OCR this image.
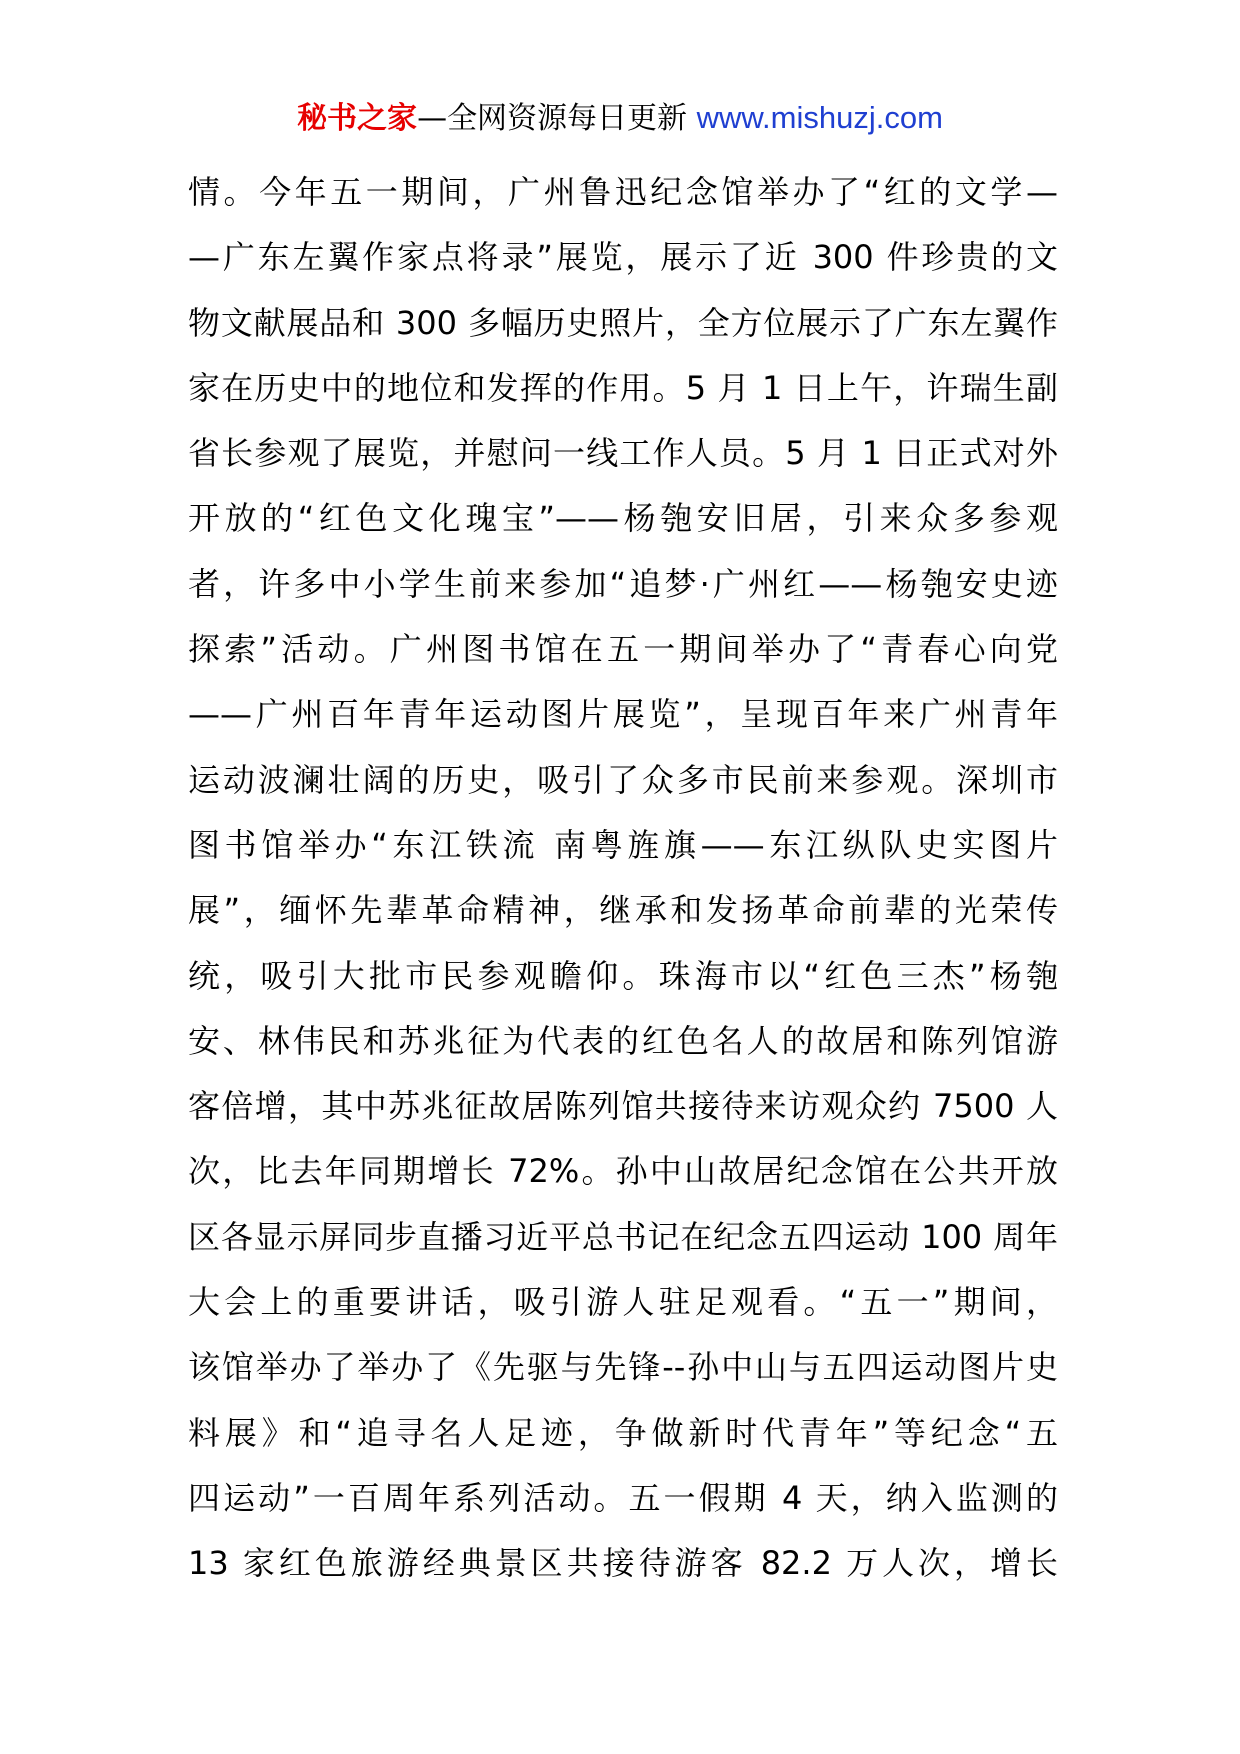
秘书之家—全网资源每日更新 www.mishuzj.com
情。今年五一期间，广州鲁迅纪念馆举办了“红的文学—
—广东左翼作家点将录”展览，展示了近 300 件珍贵的文
物文献展品和 300 多幅历史照片，全方位展示了广东左翼作
家在历史中的地位和发挥的作用。5 月 1 日上午，许瑞生副
省长参观了展览，并慰问一线工作人员。5 月 1 日正式对外
开放的“红色文化瑰宝”——杨匏安旧居，引来众多参观
者，许多中小学生前来参加“追梦·广州红——杨匏安史迹
探索”活动。广州图书馆在五一期间举办了“青春心向党
——广州百年青年运动图片展览”，呈现百年来广州青年
运动波澜壮阔的历史，吸引了众多市民前来参观。深圳市
图书馆举办“东江铁流 南粤旌旗——东江纵队史实图片
展”，缅怀先辈革命精神，继承和发扬革命前辈的光荣传
统，吸引大批市民参观瞻仰。珠海市以“红色三杰”杨匏
安、林伟民和苏兆征为代表的红色名人的故居和陈列馆游
客倍增，其中苏兆征故居陈列馆共接待来访观众约 7500 人
次，比去年同期增长 72%。孙中山故居纪念馆在公共开放
区各显示屏同步直播习近平总书记在纪念五四运动 100 周年
大会上的重要讲话，吸引游人驻足观看。“五一”期间，
该馆举办了举办了《先驱与先锋--孙中山与五四运动图片史
料展》和“追寻名人足迹，争做新时代青年”等纪念“五
四运动”一百周年系列活动。五一假期 4 天，纳入监测的
13 家红色旅游经典景区共接待游客 82.2 万人次，增长
